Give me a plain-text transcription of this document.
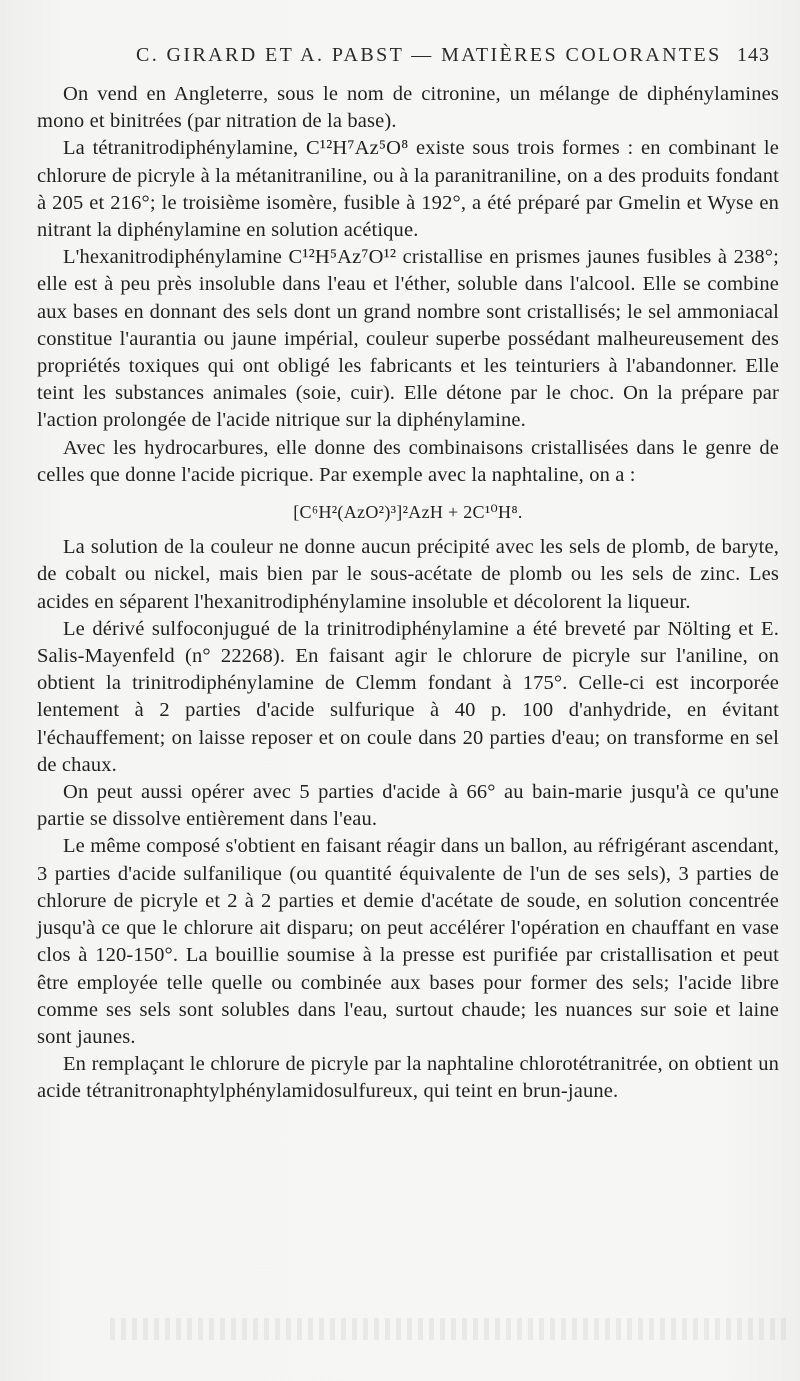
C. GIRARD ET A. PABST — MATIÈRES COLORANTES 143

On vend en Angleterre, sous le nom de citronine, un mélange de diphénylamines mono et binitrées (par nitration de la base).

La tétranitrodiphénylamine, C¹²H⁷Az⁵O⁸ existe sous trois formes : en combinant le chlorure de picryle à la métanitraniline, ou à la paranitraniline, on a des produits fondant à 205 et 216°; le troisième isomère, fusible à 192°, a été préparé par Gmelin et Wyse en nitrant la diphénylamine en solution acétique.

L'hexanitrodiphénylamine C¹²H⁵Az⁷O¹² cristallise en prismes jaunes fusibles à 238°; elle est à peu près insoluble dans l'eau et l'éther, soluble dans l'alcool. Elle se combine aux bases en donnant des sels dont un grand nombre sont cristallisés; le sel ammoniacal constitue l'aurantia ou jaune impérial, couleur superbe possédant malheureusement des propriétés toxiques qui ont obligé les fabricants et les teinturiers à l'abandonner. Elle teint les substances animales (soie, cuir). Elle détone par le choc. On la prépare par l'action prolongée de l'acide nitrique sur la diphénylamine.

Avec les hydrocarbures, elle donne des combinaisons cristallisées dans le genre de celles que donne l'acide picrique. Par exemple avec la naphtaline, on a :

[C⁶H²(AzO²)³]²AzH + 2C¹⁰H⁸.

La solution de la couleur ne donne aucun précipité avec les sels de plomb, de baryte, de cobalt ou nickel, mais bien par le sous-acétate de plomb ou les sels de zinc. Les acides en séparent l'hexanitrodiphénylamine insoluble et décolorent la liqueur.

Le dérivé sulfoconjugué de la trinitrodiphénylamine a été breveté par Nölting et E. Salis-Mayenfeld (n° 22268). En faisant agir le chlorure de picryle sur l'aniline, on obtient la trinitrodiphénylamine de Clemm fondant à 175°. Celle-ci est incorporée lentement à 2 parties d'acide sulfurique à 40 p. 100 d'anhydride, en évitant l'échauffement; on laisse reposer et on coule dans 20 parties d'eau; on transforme en sel de chaux.

On peut aussi opérer avec 5 parties d'acide à 66° au bain-marie jusqu'à ce qu'une partie se dissolve entièrement dans l'eau.

Le même composé s'obtient en faisant réagir dans un ballon, au réfrigérant ascendant, 3 parties d'acide sulfanilique (ou quantité équivalente de l'un de ses sels), 3 parties de chlorure de picryle et 2 à 2 parties et demie d'acétate de soude, en solution concentrée jusqu'à ce que le chlorure ait disparu; on peut accélérer l'opération en chauffant en vase clos à 120-150°. La bouillie soumise à la presse est purifiée par cristallisation et peut être employée telle quelle ou combinée aux bases pour former des sels; l'acide libre comme ses sels sont solubles dans l'eau, surtout chaude; les nuances sur soie et laine sont jaunes.

En remplaçant le chlorure de picryle par la naphtaline chlorotétranitrée, on obtient un acide tétranitronaphtylphénylamidosulfureux, qui teint en brun-jaune.
